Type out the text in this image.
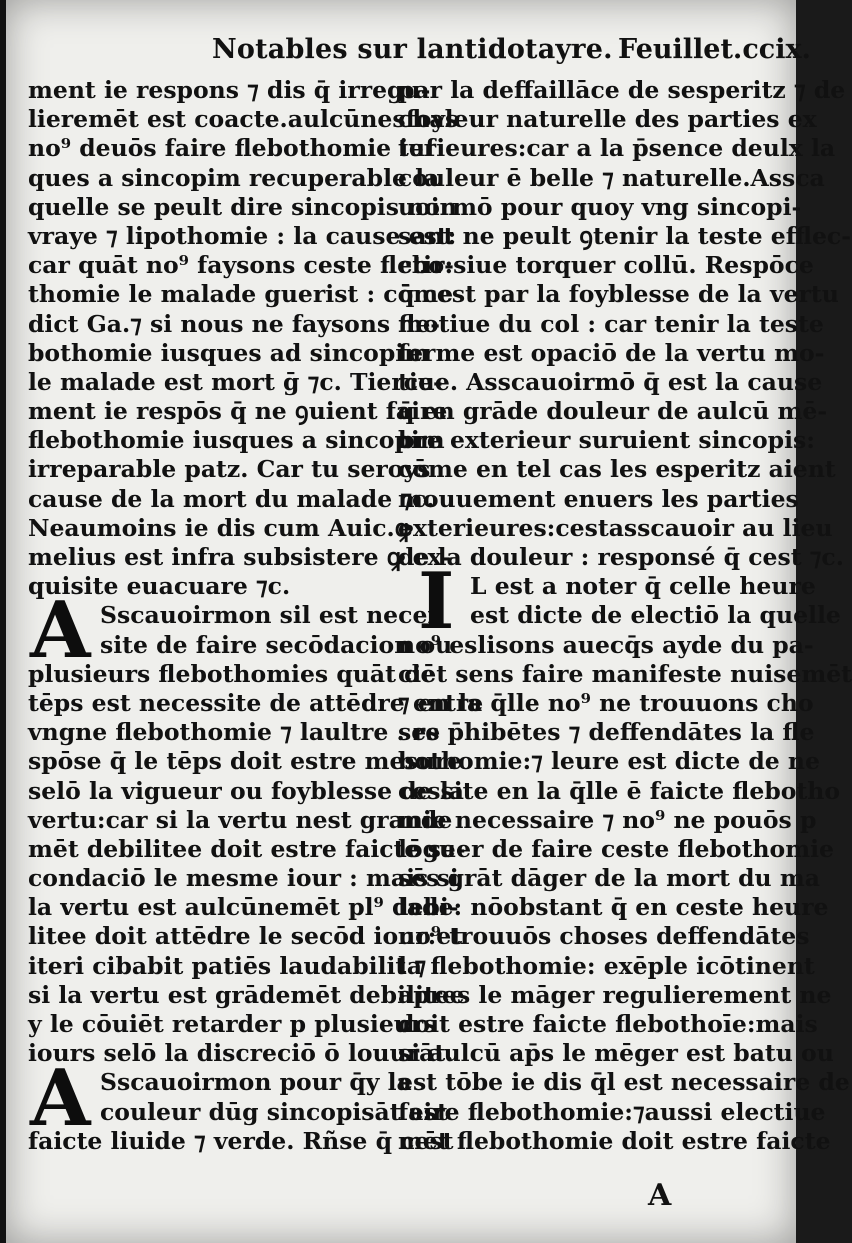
Notables sur lantidotayre. Feuillet.ccix.
ment ie respons ⁊ dis q̄ irregu-
lieremēt est coacte.aulcūnesfoys
no⁹ deuōs faire flebothomie iuſ
ques a sincopim recuperable la
quelle se peult dire sincopis non
vraye ⁊ lipothomie : la cause est:
car quāt no⁹ faysons ceste flebo-
thomie le malade guerist : cōme
dict Ga.⁊ si nous ne faysons fle-
bothomie iusques ad sincopim
le malade est mort ḡ ⁊c. Tierce-
ment ie respōs q̄ ne ꝯuient faire
flebothomie iusques a sincopim
irreparable patz. Car tu seroys
cause de la mort du malade ⁊c.
Neaumoins ie dis cum Auic.ꝙ
melius est infra subsistere ꝙ ex-
quisite euacuare ⁊c.
Sscauoirmon sil est neceſ
site de faire secōdacion ou
plusieurs flebothomies quāt de
tēps est necessite de attēdre entre
vngne flebothomie ⁊ laultre . re
spōse q̄ le tēps doit estre mesure
selō la vigueur ou foyblesse de la
vertu:car si la vertu nest grande
mēt debilitee doit estre faicte se-
condaciō le mesme iour : mais si
la vertu est aulcūnemēt pl⁹ debi-
litee doit attēdre le secōd iour:et
iteri cibabit patiēs laudabilit ⁊
si la vertu est grādemēt debilitee
y le cōuiēt retarder p plusieurs
iours selō la discreciō ō louurāt.
Sscauoirmon pour q̄y la
couleur dūg sincopisāt est
faicte liuide ⁊ verde. Rñse q̄ cest
par la deffaillāce de sesperitz ⁊ de
chaleur naturelle des parties ex
terieures:car a la p̄sence deulx la
couleur ē belle ⁊ naturelle.Assca
uoirmō pour quoy vng sincopi-
sant ne peult ꝯtenir la teste efflec-
ctir:siue torquer collū. Respōce
q̄ cest par la foyblesse de la vertu
motiue du col : car tenir la teste
ferme est opaciō de la vertu mo-
tiue. Asscauoirmō q̄ est la cause
q̄ en grāde douleur de aulcū mē-
bre exterieur suruient sincopis:
cōme en tel cas les esperitz aient
mouuement enuers les parties
exterieures:cestasscauoir au lieu
de la douleur : responsé q̄ cest ⁊c.
L est a noter q̄ celle heure
est dicte de electiō la quelle
no⁹ eslisons auecq̄s ayde du pa-
ciēt sens faire manifeste nuisemēt
⁊ en la q̄lle no⁹ ne trouuons cho
ses p̄hibētes ⁊ deffendātes la fle
bothomie:⁊ leure est dicte de ne
cessite en la q̄lle ē faicte flebotho
mie necessaire ⁊ no⁹ ne pouōs p
lōguer de faire ceste flebothomie
sēs grāt dāger de la mort du ma
lade: nōobstant q̄ en ceste heure
no⁹ trouuōs choses deffendātes
la flebothomie: exēple icōtinent
apres le māger regulierement ne
doit estre faicte flebothoīe:mais
si aulcū ap̄s le mēger est batu ou
est tōbe ie dis q̄l est necessaire de
faire flebothomie:⁊aussi electiue
mēt flebothomie doit estre faicte
A
A
I
A
